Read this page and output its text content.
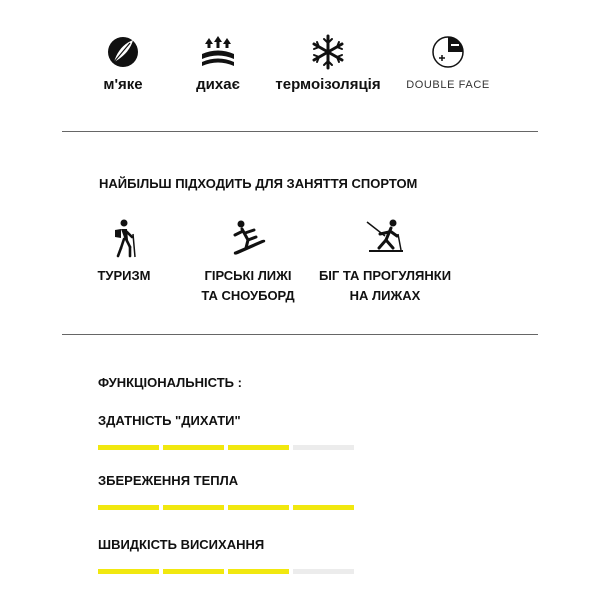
м'яке	дихає	термоізоляція	DOUBLE FACE
НАЙБІЛЬШ ПІДХОДИТЬ ДЛЯ ЗАНЯТТЯ СПОРТОМ
ТУРИЗМ	ГІРСЬКІ ЛИЖІ
ТА СНОУБОРД
БІГ ТА ПРОГУЛЯНКИ
НА ЛИЖАХ
ФУНКЦІОНАЛЬНІСТЬ :
ЗДАТНІСТЬ "ДИХАТИ"
ЗБЕРЕЖЕННЯ ТЕПЛА
ШВИДКІСТЬ ВИСИХАННЯ
